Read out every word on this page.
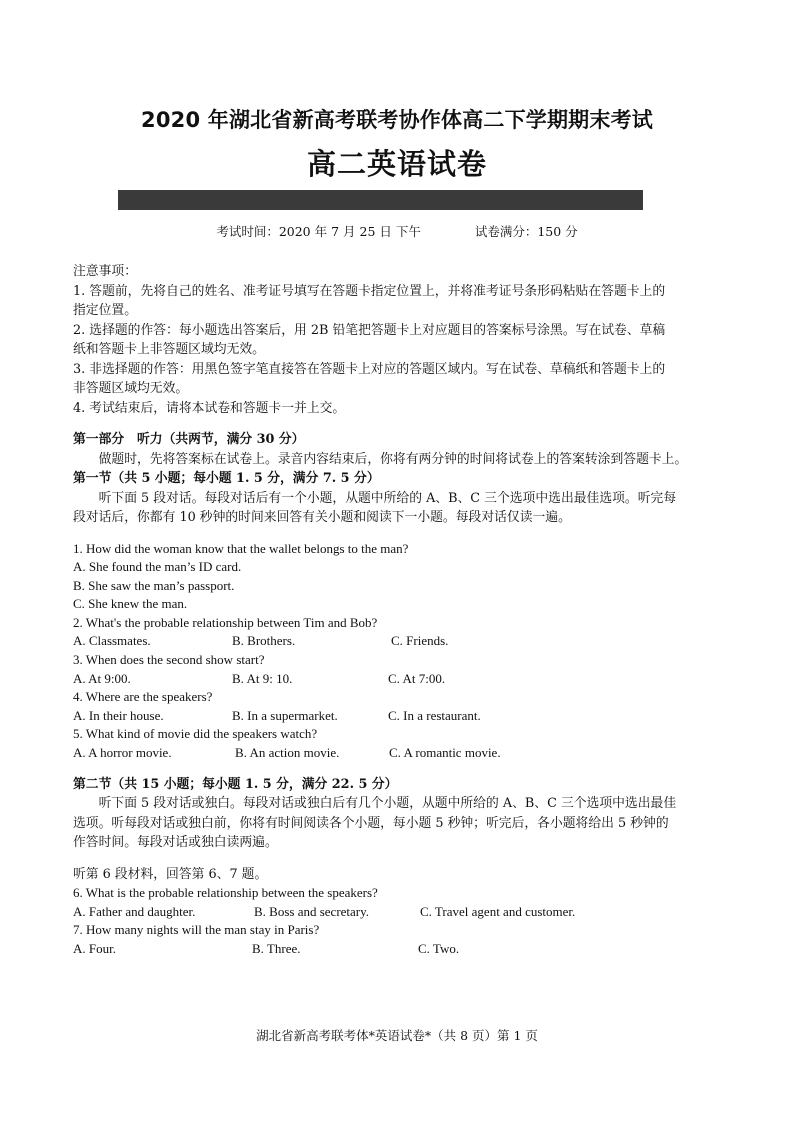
2020 年湖北省新高考联考协作体高二下学期期末考试
高二英语试卷
考试时间：2020 年 7 月 25 日 下午	试卷满分：150 分
注意事项：
1. 答题前，先将自己的姓名、准考证号填写在答题卡指定位置上，并将准考证号条形码粘贴在答题卡上的
指定位置。
2. 选择题的作答：每小题选出答案后，用 2B 铅笔把答题卡上对应题目的答案标号涂黑。写在试卷、草稿
纸和答题卡上非答题区域均无效。
3. 非选择题的作答：用黑色签字笔直接答在答题卡上对应的答题区域内。写在试卷、草稿纸和答题卡上的
非答题区域均无效。
4. 考试结束后，请将本试卷和答题卡一并上交。
第一部分　听力（共两节，满分 30 分）
做题时，先将答案标在试卷上。录音内容结束后，你将有两分钟的时间将试卷上的答案转涂到答题卡上。
第一节（共 5 小题；每小题 1. 5 分，满分 7. 5 分）
听下面 5 段对话。每段对话后有一个小题，从题中所给的 A、B、C 三个选项中选出最佳选项。听完每
段对话后，你都有 10 秒钟的时间来回答有关小题和阅读下一小题。每段对话仅读一遍。
1. How did the woman know that the wallet belongs to the man?
A. She found the man’s ID card.
B. She saw the man’s passport.
C. She knew the man.
2. What's the probable relationship between Tim and Bob?
A. Classmates.	B. Brothers.	C. Friends.
3. When does the second show start?
A. At 9:00.	B. At 9: 10.	C. At 7:00.
4. Where are the speakers?
A. In their house.	B. In a supermarket.	C. In a restaurant.
5. What kind of movie did the speakers watch?
A. A horror movie.	B. An action movie.	C. A romantic movie.
第二节（共 15 小题；每小题 1. 5 分，满分 22. 5 分）
听下面 5 段对话或独白。每段对话或独白后有几个小题，从题中所给的 A、B、C 三个选项中选出最佳
选项。听每段对话或独白前，你将有时间阅读各个小题，每小题 5 秒钟；听完后，各小题将给出 5 秒钟的
作答时间。每段对话或独白读两遍。
听第 6 段材料，回答第 6、7 题。
6. What is the probable relationship between the speakers?
A. Father and daughter.	B. Boss and secretary.	C. Travel agent and customer.
7. How many nights will the man stay in Paris?
A. Four.	B. Three.	C. Two.
湖北省新高考联考体*英语试卷*（共 8 页）第 1 页
